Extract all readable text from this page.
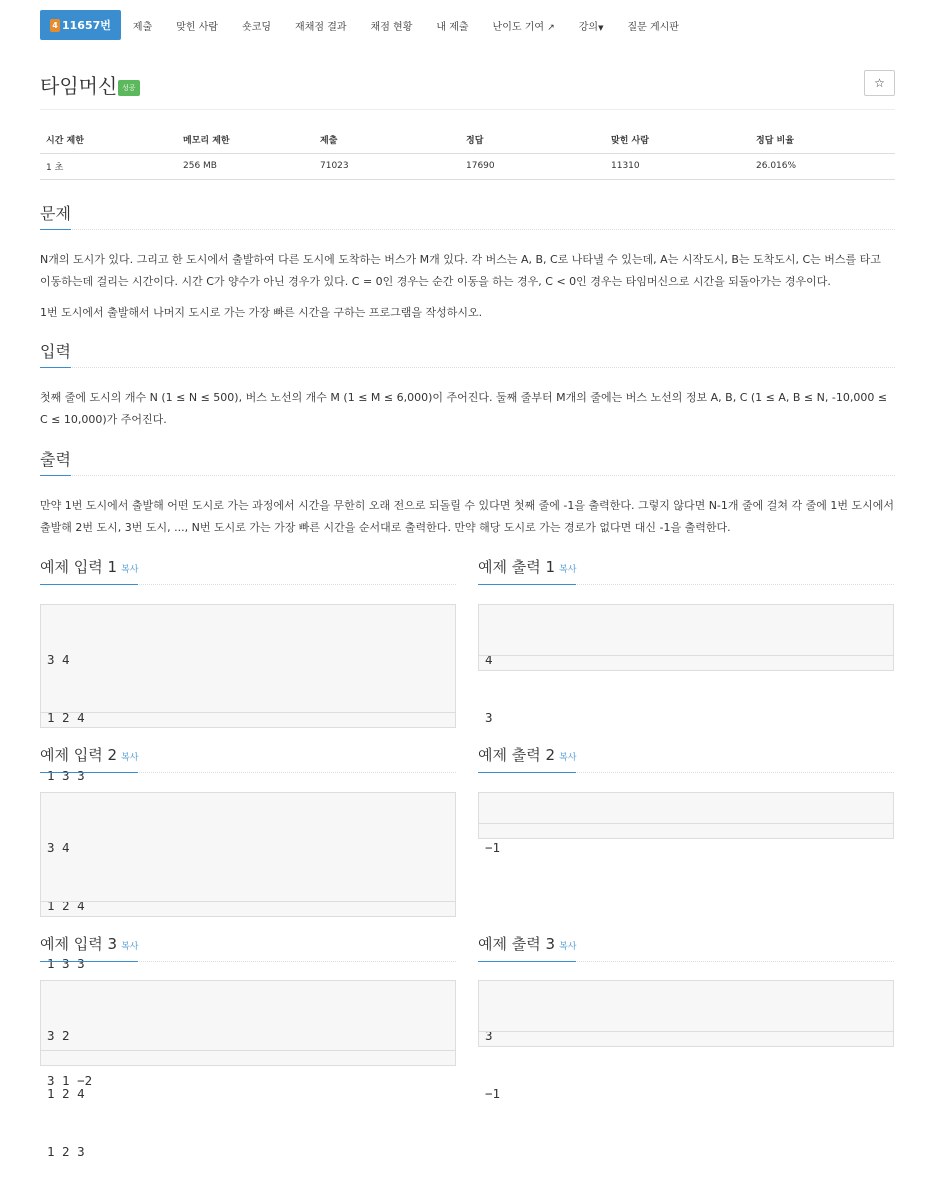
4 11657번	제출	맞힌 사람	숏코딩	재채점 결과	채점 현황	내 제출	난이도 기여 ↗	강의▼	질문 게시판
타임머신 성공	☆
시간 제한	메모리 제한	제출	정답	맞힌 사람	정답 비율
1 초	256 MB	71023	17690	11310	26.016%
문제
N개의 도시가 있다. 그리고 한 도시에서 출발하여 다른 도시에 도착하는 버스가 M개 있다. 각 버스는 A, B, C로 나타낼 수 있는데, A는 시작도시, B는 도착도시, C는 버스를 타고 이동하는데 걸리는 시간이다. 시간 C가 양수가 아닌 경우가 있다. C = 0인 경우는 순간 이동을 하는 경우, C < 0인 경우는 타임머신으로 시간을 되돌아가는 경우이다.
1번 도시에서 출발해서 나머지 도시로 가는 가장 빠른 시간을 구하는 프로그램을 작성하시오.
입력
첫째 줄에 도시의 개수 N (1 ≤ N ≤ 500), 버스 노선의 개수 M (1 ≤ M ≤ 6,000)이 주어진다. 둘째 줄부터 M개의 줄에는 버스 노선의 정보 A, B, C (1 ≤ A, B ≤ N, -10,000 ≤ C ≤ 10,000)가 주어진다.
출력
만약 1번 도시에서 출발해 어떤 도시로 가는 과정에서 시간을 무한히 오래 전으로 되돌릴 수 있다면 첫째 줄에 -1을 출력한다. 그렇지 않다면 N-1개 줄에 걸쳐 각 줄에 1번 도시에서 출발해 2번 도시, 3번 도시, ..., N번 도시로 가는 가장 빠른 시간을 순서대로 출력한다. 만약 해당 도시로 가는 경로가 없다면 대신 -1을 출력한다.
예제 입력 1 복사

3 4

1 2 4

1 3 3

예제 출력 1 복사

4

3

예제 입력 2 복사

3 4

1 2 4

1 3 3

3 1 −2

예제 출력 2 복사

−1

예제 입력 3 복사

3 2

1 2 4

1 2 3

예제 출력 3 복사

3

−1
